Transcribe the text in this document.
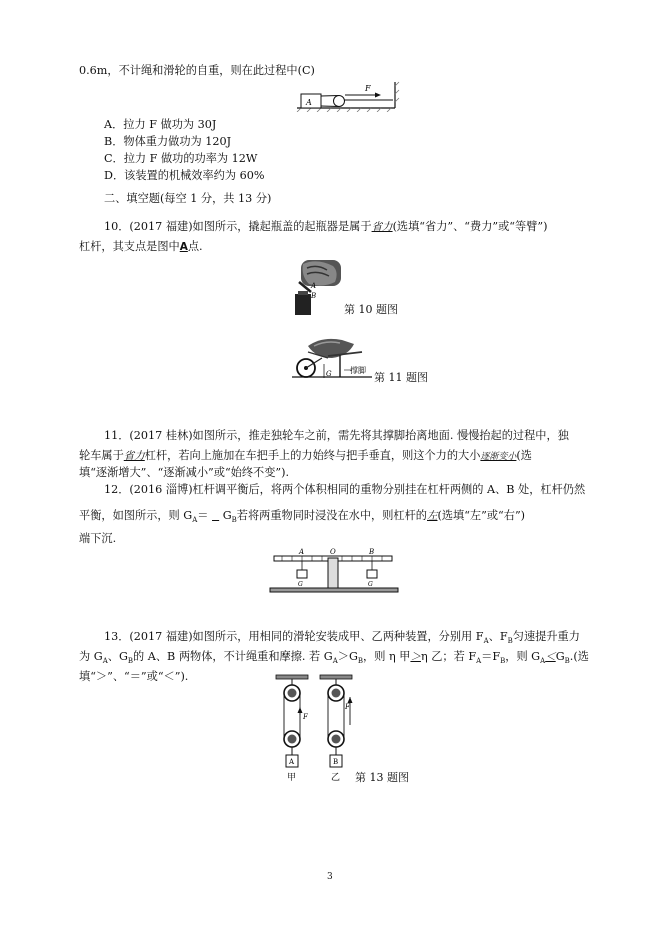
0.6m，不计绳和滑轮的自重，则在此过程中(C)
A
F
A．拉力 F 做功为 30J
B．物体重力做功为 120J
C．拉力 F 做功的功率为 12W
D．该装置的机械效率约为 60%
二、填空题(每空 1 分，共 13 分)
10．(2017 福建)如图所示，撬起瓶盖的起瓶器是属于省力(选填“省力”、“费力”或“等臂”)
杠杆，其支点是图中A点.
A
B
第 10 题图
G 撑脚
第 11 题图
11．(2017 桂林)如图所示，推走独轮车之前，需先将其撑脚抬离地面. 慢慢抬起的过程中，独
轮车属于省力杠杆，若向上施加在车把手上的力始终与把手垂直，则这个力的大小逐渐变小(选
填“逐渐增大”、“逐渐减小”或“始终不变”).
12．(2016 淄博)杠杆调平衡后，将两个体积相同的重物分别挂在杠杆两侧的 A、B 处，杠杆仍然
平衡，如图所示，则 $G_A= G_B$若将两重物同时浸没在水中，则杠杆的左(选填“左”或“右”)
端下沉.
A	O	B
G	G
13．(2017 福建)如图所示，用相同的滑轮安装成甲、乙两种装置，分别用 $F_A$、$F_B$匀速提升重力
为 $G_A$、$G_B$的 A、B 两物体，不计绳重和摩擦. 若 $G_A>G_B$，则 η 甲＞η 乙；若 $F_A=F_B$，则 $G_A<G_B$.(选
填“＞”、“＝”或“＜”).
F
F
A	B
甲	乙 第 13 题图
3
